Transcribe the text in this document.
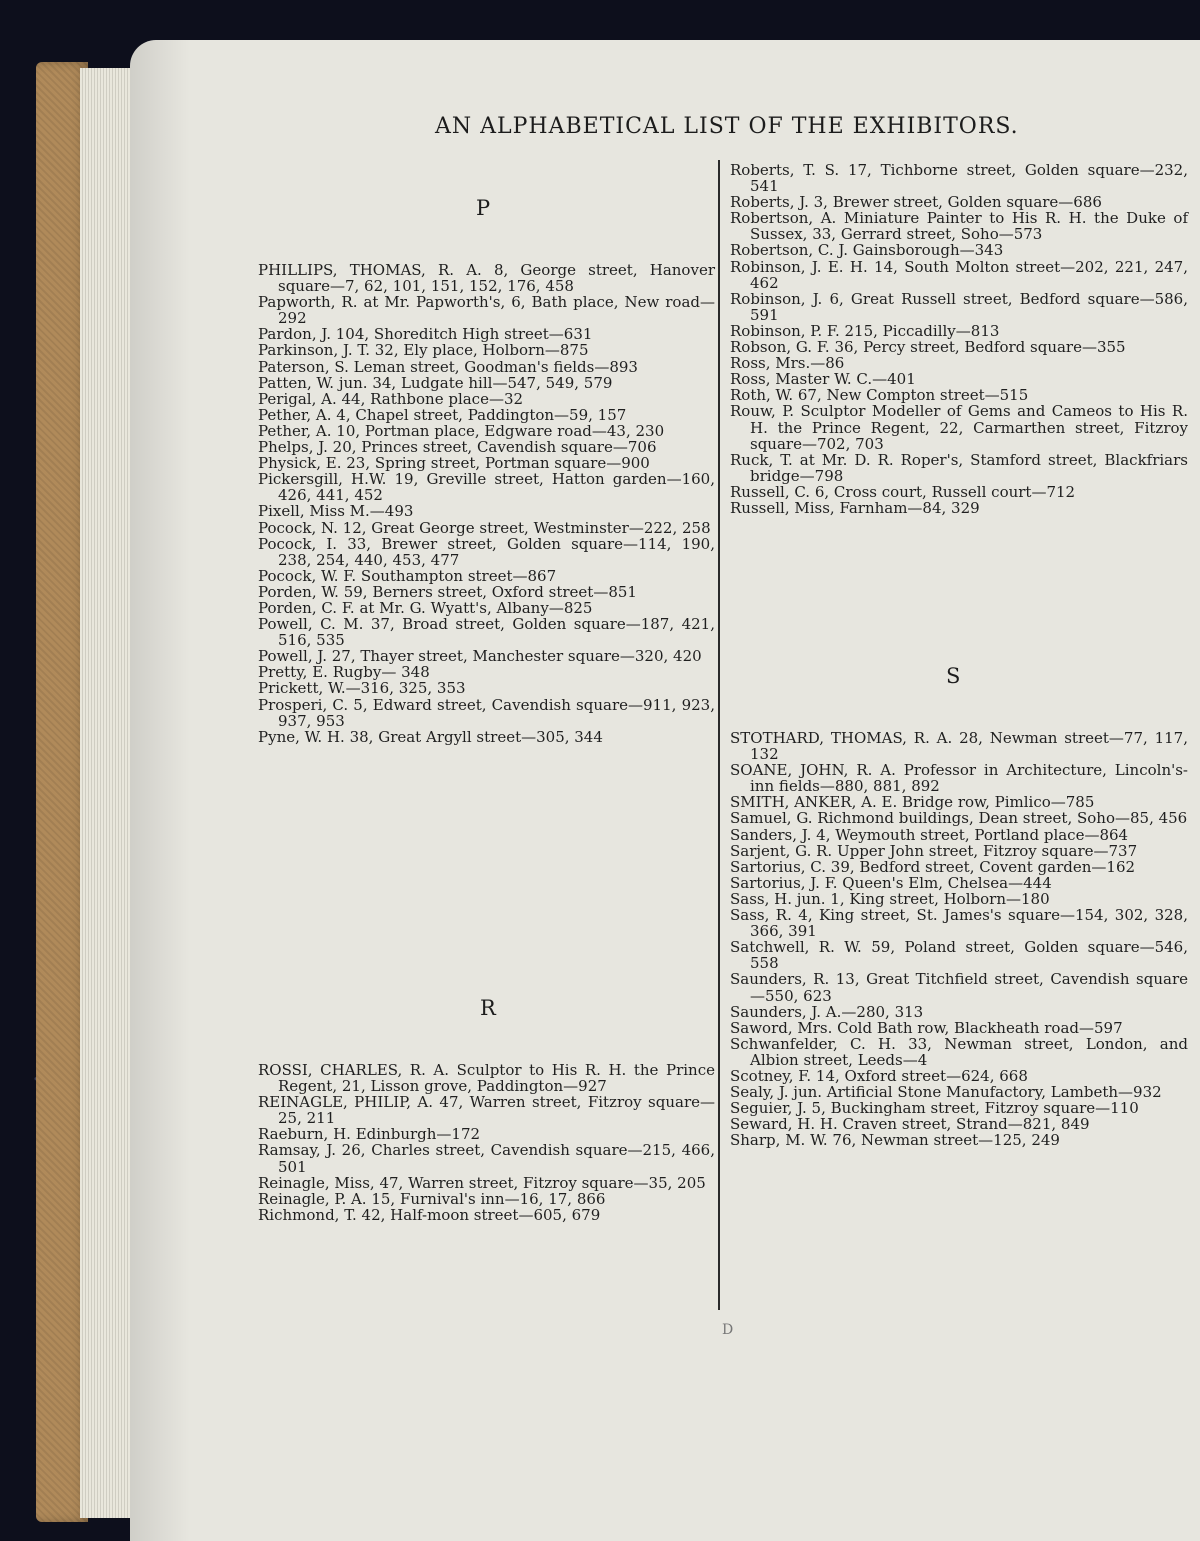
AN ALPHABETICAL LIST OF THE EXHIBITORS.
P
PHILLIPS, THOMAS, R. A. 8, George street, Hanover square—7, 62, 101, 151, 152, 176, 458
Papworth, R. at Mr. Papworth's, 6, Bath place, New road—292
Pardon, J. 104, Shoreditch High street—631
Parkinson, J. T. 32, Ely place, Holborn—875
Paterson, S. Leman street, Goodman's fields—893
Patten, W. jun. 34, Ludgate hill—547, 549, 579
Perigal, A. 44, Rathbone place—32
Pether, A. 4, Chapel street, Paddington—59, 157
Pether, A. 10, Portman place, Edgware road—43, 230
Phelps, J. 20, Princes street, Cavendish square—706
Physick, E. 23, Spring street, Portman square—900
Pickersgill, H.W. 19, Greville street, Hatton garden—160, 426, 441, 452
Pixell, Miss M.—493
Pocock, N. 12, Great George street, Westminster—222, 258
Pocock, I. 33, Brewer street, Golden square—114, 190, 238, 254, 440, 453, 477
Pocock, W. F. Southampton street—867
Porden, W. 59, Berners street, Oxford street—851
Porden, C. F. at Mr. G. Wyatt's, Albany—825
Powell, C. M. 37, Broad street, Golden square—187, 421, 516, 535
Powell, J. 27, Thayer street, Manchester square—320, 420
Pretty, E. Rugby— 348
Prickett, W.—316, 325, 353
Prosperi, C. 5, Edward street, Cavendish square—911, 923, 937, 953
Pyne, W. H. 38, Great Argyll street—305, 344
R
ROSSI, CHARLES, R. A. Sculptor to His R. H. the Prince Regent, 21, Lisson grove, Paddington—927
REINAGLE, PHILIP, A. 47, Warren street, Fitzroy square—25, 211
Raeburn, H. Edinburgh—172
Ramsay, J. 26, Charles street, Cavendish square—215, 466, 501
Reinagle, Miss, 47, Warren street, Fitzroy square—35, 205
Reinagle, P. A. 15, Furnival's inn—16, 17, 866
Richmond, T. 42, Half-moon street—605, 679
Roberts, T. S. 17, Tichborne street, Golden square—232, 541
Roberts, J. 3, Brewer street, Golden square—686
Robertson, A. Miniature Painter to His R. H. the Duke of Sussex, 33, Gerrard street, Soho—573
Robertson, C. J. Gainsborough—343
Robinson, J. E. H. 14, South Molton street—202, 221, 247, 462
Robinson, J. 6, Great Russell street, Bedford square—586, 591
Robinson, P. F. 215, Piccadilly—813
Robson, G. F. 36, Percy street, Bedford square—355
Ross, Mrs.—86
Ross, Master W. C.—401
Roth, W. 67, New Compton street—515
Rouw, P. Sculptor Modeller of Gems and Cameos to His R. H. the Prince Regent, 22, Carmarthen street, Fitzroy square—702, 703
Ruck, T. at Mr. D. R. Roper's, Stamford street, Blackfriars bridge—798
Russell, C. 6, Cross court, Russell court—712
Russell, Miss, Farnham—84, 329
S
STOTHARD, THOMAS, R. A. 28, Newman street—77, 117, 132
SOANE, JOHN, R. A. Professor in Architecture, Lincoln's-inn fields—880, 881, 892
SMITH, ANKER, A. E. Bridge row, Pimlico—785
Samuel, G. Richmond buildings, Dean street, Soho—85, 456
Sanders, J. 4, Weymouth street, Portland place—864
Sarjent, G. R. Upper John street, Fitzroy square—737
Sartorius, C. 39, Bedford street, Covent garden—162
Sartorius, J. F. Queen's Elm, Chelsea—444
Sass, H. jun. 1, King street, Holborn—180
Sass, R. 4, King street, St. James's square—154, 302, 328, 366, 391
Satchwell, R. W. 59, Poland street, Golden square—546, 558
Saunders, R. 13, Great Titchfield street, Cavendish square—550, 623
Saunders, J. A.—280, 313
Saword, Mrs. Cold Bath row, Blackheath road—597
Schwanfelder, C. H. 33, Newman street, London, and Albion street, Leeds—4
Scotney, F. 14, Oxford street—624, 668
Sealy, J. jun. Artificial Stone Manufactory, Lambeth—932
Seguier, J. 5, Buckingham street, Fitzroy square—110
Seward, H. H. Craven street, Strand—821, 849
Sharp, M. W. 76, Newman street—125, 249
D
